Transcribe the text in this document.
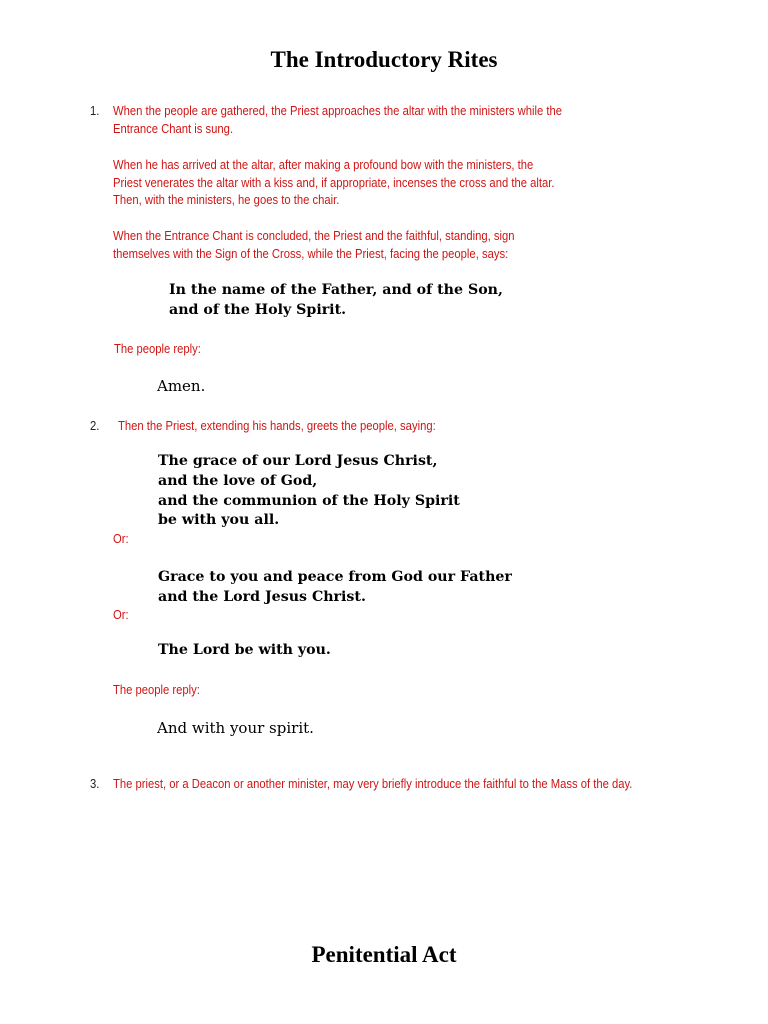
The Introductory Rites
1. When the people are gathered, the Priest approaches the altar with the ministers while the
Entrance Chant is sung.
When he has arrived at the altar, after making a profound bow with the ministers, the
Priest venerates the altar with a kiss and, if appropriate, incenses the cross and the altar.
Then, with the ministers, he goes to the chair.
When the Entrance Chant is concluded, the Priest and the faithful, standing, sign
themselves with the Sign of the Cross, while the Priest, facing the people, says:
In the name of the Father, and of the Son,
and of the Holy Spirit.
The people reply:
Amen.
2. Then the Priest, extending his hands, greets the people, saying:
The grace of our Lord Jesus Christ,
and the love of God,
and the communion of the Holy Spirit
be with you all.
Or:
Grace to you and peace from God our Father
and the Lord Jesus Christ.
Or:
The Lord be with you.
The people reply:
And with your spirit.
3. The priest, or a Deacon or another minister, may very briefly introduce the faithful to the Mass of the day.
Penitential Act
